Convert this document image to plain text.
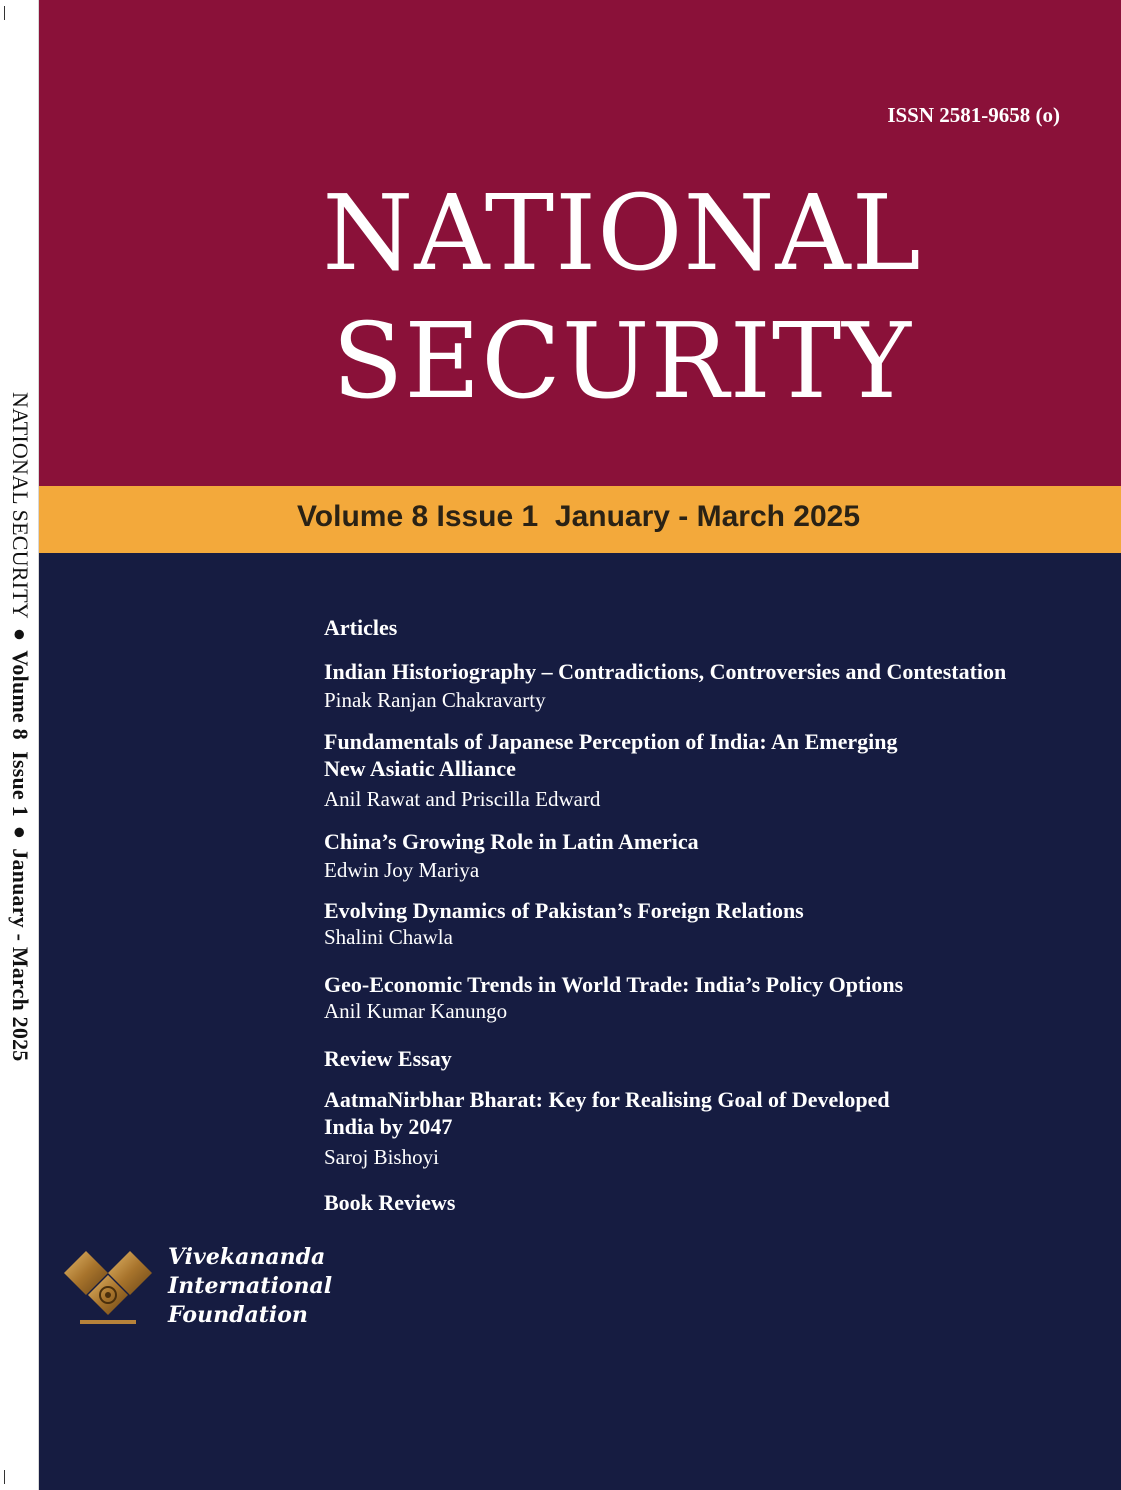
NATIONAL SECURITY●Volume 8  Issue 1●January - March 2025
ISSN 2581-9658 (o)
NATIONAL
SECURITY
Volume 8 Issue 1  January - March 2025
Articles
Indian Historiography – Contradictions, Controversies and Contestation
Pinak Ranjan Chakravarty
Fundamentals of Japanese Perception of India: An Emerging
New Asiatic Alliance
Anil Rawat and Priscilla Edward
China’s Growing Role in Latin America
Edwin Joy Mariya
Evolving Dynamics of Pakistan’s Foreign Relations
Shalini Chawla
Geo-Economic Trends in World Trade: India’s Policy Options
Anil Kumar Kanungo
Review Essay
AatmaNirbhar Bharat: Key for Realising Goal of Developed
India by 2047
Saroj Bishoyi
Book Reviews
Vivekananda
International
Foundation
